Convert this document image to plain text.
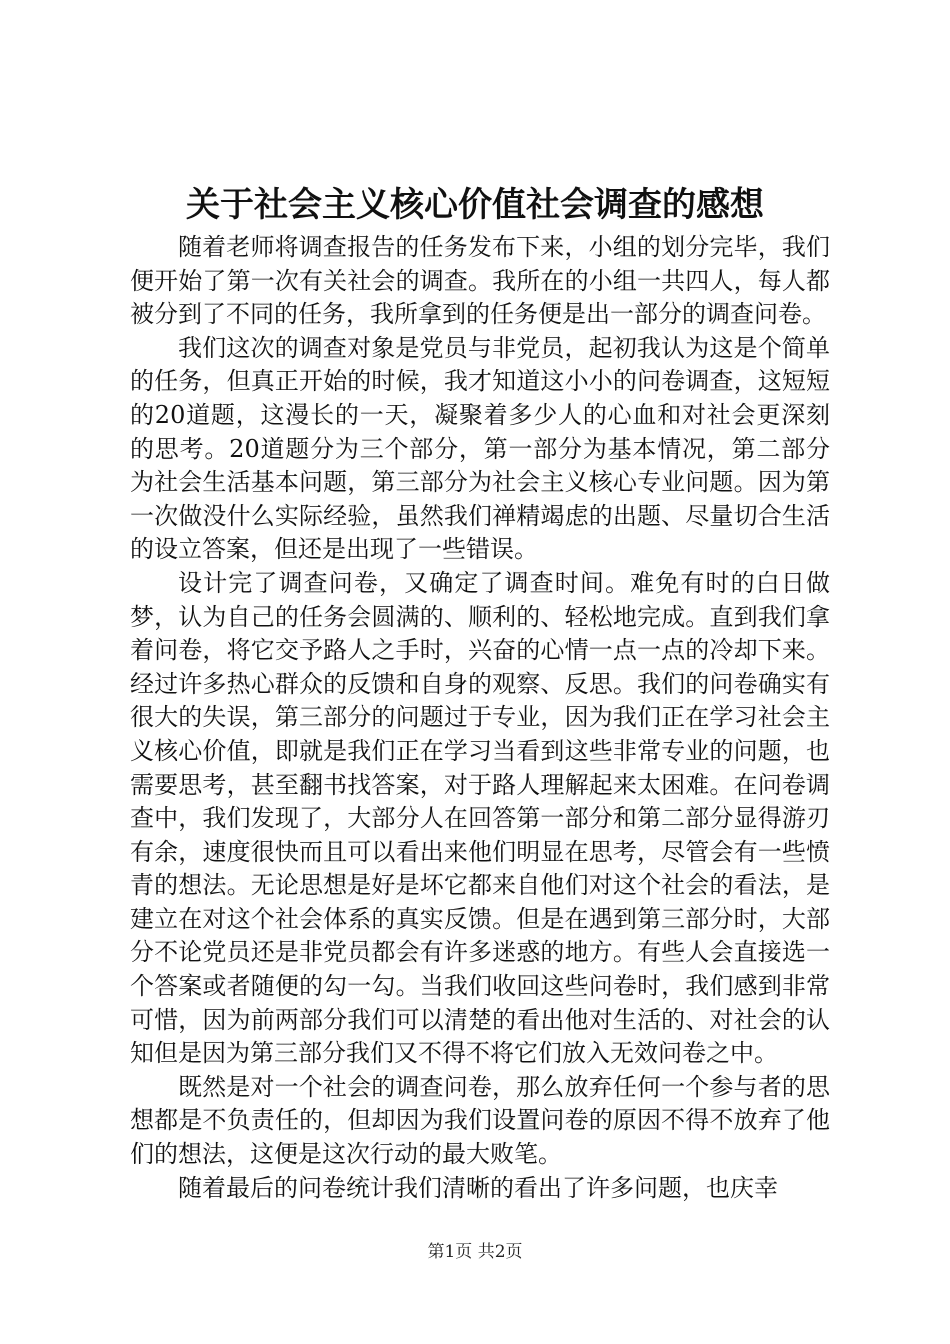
关于社会主义核心价值社会调查的感想

随着老师将调查报告的任务发布下来，小组的划分完毕，我们便开始了第一次有关社会的调查。我所在的小组一共四人，每人都被分到了不同的任务，我所拿到的任务便是出一部分的调查问卷。

我们这次的调查对象是党员与非党员，起初我认为这是个简单的任务，但真正开始的时候，我才知道这小小的问卷调查，这短短的20道题，这漫长的一天，凝聚着多少人的心血和对社会更深刻的思考。20道题分为三个部分，第一部分为基本情况，第二部分为社会生活基本问题，第三部分为社会主义核心专业问题。因为第一次做没什么实际经验，虽然我们禅精竭虑的出题、尽量切合生活的设立答案，但还是出现了一些错误。

设计完了调查问卷，又确定了调查时间。难免有时的白日做梦，认为自己的任务会圆满的、顺利的、轻松地完成。直到我们拿着问卷，将它交予路人之手时，兴奋的心情一点一点的冷却下来。经过许多热心群众的反馈和自身的观察、反思。我们的问卷确实有很大的失误，第三部分的问题过于专业，因为我们正在学习社会主义核心价值，即就是我们正在学习当看到这些非常专业的问题，也需要思考，甚至翻书找答案，对于路人理解起来太困难。在问卷调查中，我们发现了，大部分人在回答第一部分和第二部分显得游刃有余，速度很快而且可以看出来他们明显在思考，尽管会有一些愤青的想法。无论思想是好是坏它都来自他们对这个社会的看法，是建立在对这个社会体系的真实反馈。但是在遇到第三部分时，大部分不论党员还是非党员都会有许多迷惑的地方。有些人会直接选一个答案或者随便的勾一勾。当我们收回这些问卷时，我们感到非常可惜，因为前两部分我们可以清楚的看出他对生活的、对社会的认知但是因为第三部分我们又不得不将它们放入无效问卷之中。

既然是对一个社会的调查问卷，那么放弃任何一个参与者的思想都是不负责任的，但却因为我们设置问卷的原因不得不放弃了他们的想法，这便是这次行动的最大败笔。

随着最后的问卷统计我们清晰的看出了许多问题，也庆幸

第1页 共2页
